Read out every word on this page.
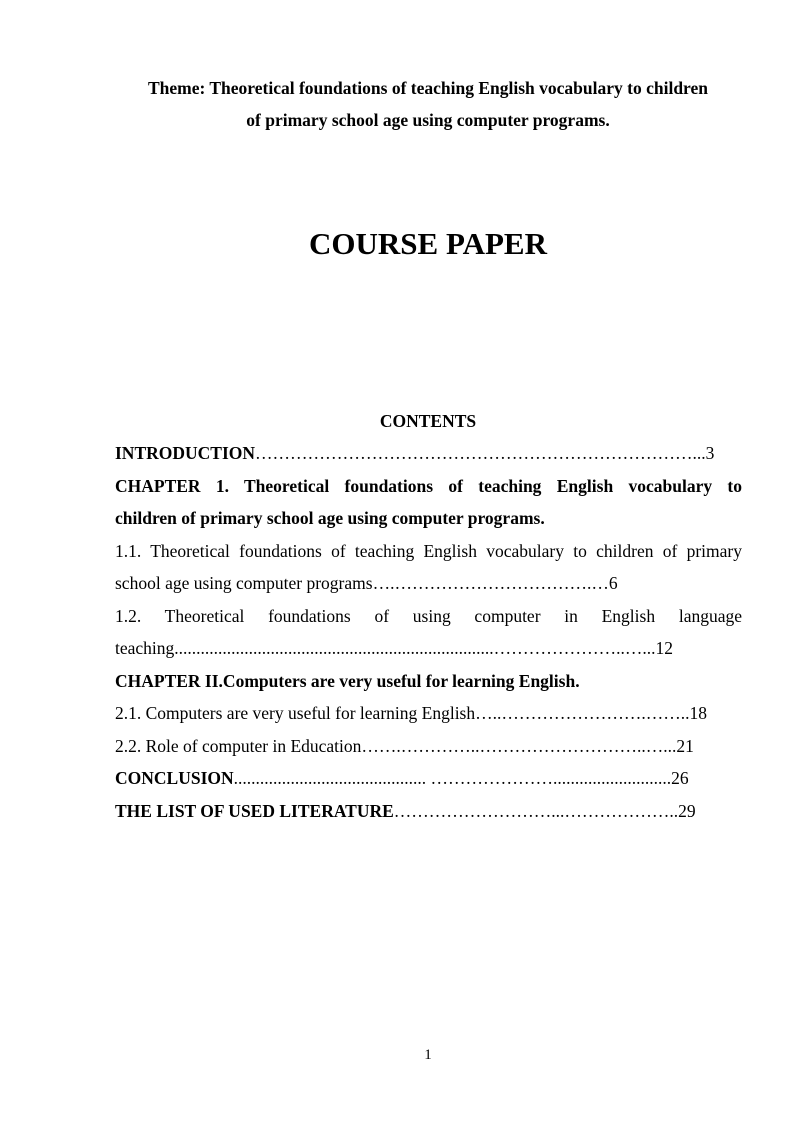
Theme: Theoretical foundations of teaching English vocabulary to children
of primary school age using computer programs.
COURSE PAPER
CONTENTS
INTRODUCTION…………………………………………………………………...3
CHAPTER 1. Theoretical foundations of teaching English vocabulary to
children of primary school age using computer programs.
1.1. Theoretical foundations of teaching English vocabulary to children of primary
school age using computer programs….…………………………….…6
1.2. Theoretical foundations of using computer in English language
teaching.........................................................................…………………..…...12
CHAPTER II.Computers are very useful for learning English.
2.1. Computers are very useful for learning English…..…………………….……..18
2.2. Role of computer in Education…….…………..………………………..…...21
CONCLUSION............................................ …………………...........................26
THE LIST OF USED LITERATURE………………………...………………..29
1
